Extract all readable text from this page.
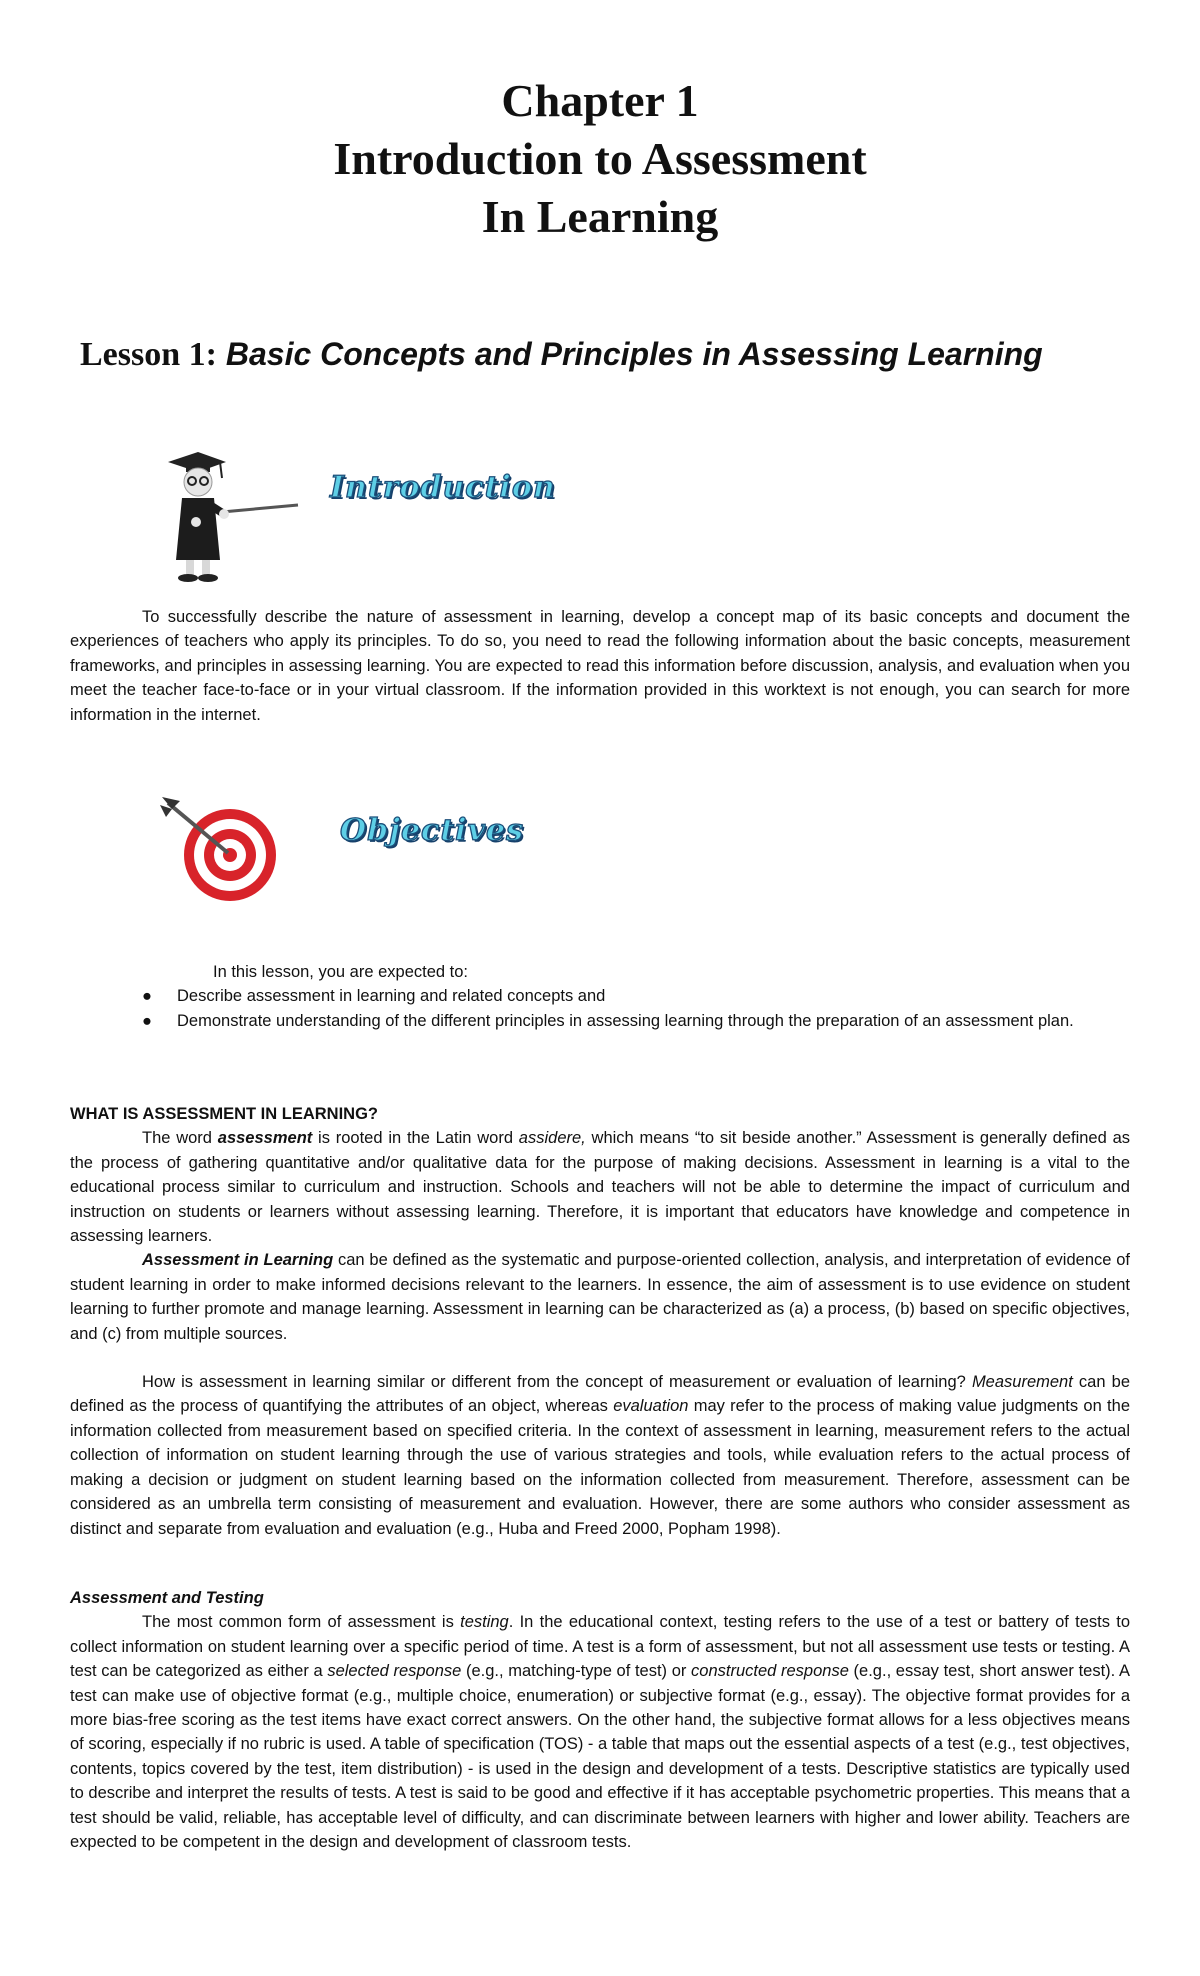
Chapter 1
Introduction to Assessment
In Learning
Lesson 1: Basic Concepts and Principles in Assessing Learning
Introduction

To successfully describe the nature of assessment in learning, develop a concept map of its basic concepts and document the experiences of teachers who apply its principles. To do so, you need to read the following information about the basic concepts, measurement frameworks, and principles in assessing learning. You are expected to read this information before discussion, analysis, and evaluation when you meet the teacher face-to-face or in your virtual classroom. If the information provided in this worktext is not enough, you can search for more information in the internet.

Objectives

In this lesson, you are expected to:

● Describe assessment in learning and related concepts and
● Demonstrate understanding of the different principles in assessing learning through the preparation of an assessment plan.

WHAT IS ASSESSMENT IN LEARNING?

The word assessment is rooted in the Latin word assidere, which means “to sit beside another.” Assessment is generally defined as the process of gathering quantitative and/or qualitative data for the purpose of making decisions. Assessment in learning is a vital to the educational process similar to curriculum and instruction. Schools and teachers will not be able to determine the impact of curriculum and instruction on students or learners without assessing learning. Therefore, it is important that educators have knowledge and competence in assessing learners.

Assessment in Learning can be defined as the systematic and purpose-oriented collection, analysis, and interpretation of evidence of student learning in order to make informed decisions relevant to the learners. In essence, the aim of assessment is to use evidence on student learning to further promote and manage learning. Assessment in learning can be characterized as (a) a process, (b) based on specific objectives, and (c) from multiple sources.

How is assessment in learning similar or different from the concept of measurement or evaluation of learning? Measurement can be defined as the process of quantifying the attributes of an object, whereas evaluation may refer to the process of making value judgments on the information collected from measurement based on specified criteria. In the context of assessment in learning, measurement refers to the actual collection of information on student learning through the use of various strategies and tools, while evaluation refers to the actual process of making a decision or judgment on student learning based on the information collected from measurement. Therefore, assessment can be considered as an umbrella term consisting of measurement and evaluation. However, there are some authors who consider assessment as distinct and separate from evaluation and evaluation (e.g., Huba and Freed 2000, Popham 1998).

Assessment and Testing

The most common form of assessment is testing. In the educational context, testing refers to the use of a test or battery of tests to collect information on student learning over a specific period of time. A test is a form of assessment, but not all assessment use tests or testing. A test can be categorized as either a selected response (e.g., matching-type of test) or constructed response (e.g., essay test, short answer test). A test can make use of objective format (e.g., multiple choice, enumeration) or subjective format (e.g., essay). The objective format provides for a more bias-free scoring as the test items have exact correct answers. On the other hand, the subjective format allows for a less objectives means of scoring, especially if no rubric is used. A table of specification (TOS) - a table that maps out the essential aspects of a test (e.g., test objectives, contents, topics covered by the test, item distribution) - is used in the design and development of a tests. Descriptive statistics are typically used to describe and interpret the results of tests. A test is said to be good and effective if it has acceptable psychometric properties. This means that a test should be valid, reliable, has acceptable level of difficulty, and can discriminate between learners with higher and lower ability. Teachers are expected to be competent in the design and development of classroom tests.
